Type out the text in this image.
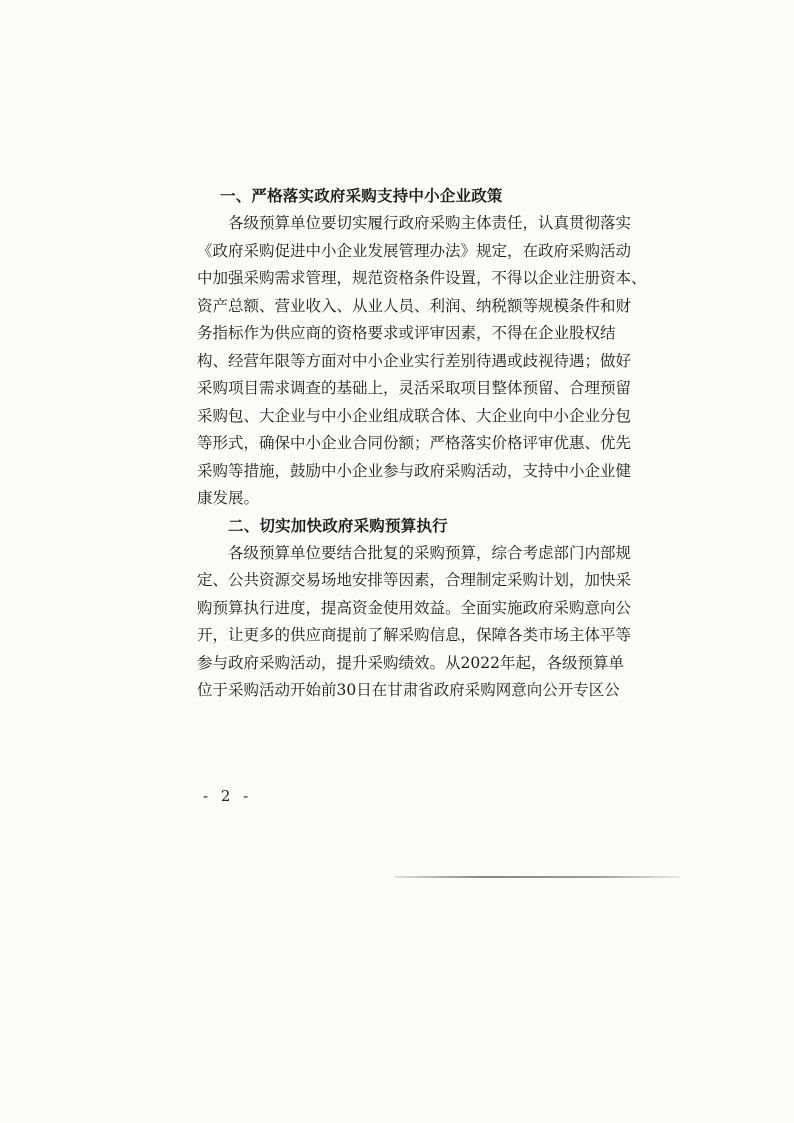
一、严格落实政府采购支持中小企业政策
各级预算单位要切实履行政府采购主体责任，认真贯彻落实
《政府采购促进中小企业发展管理办法》规定，在政府采购活动
中加强采购需求管理，规范资格条件设置，不得以企业注册资本、
资产总额、营业收入、从业人员、利润、纳税额等规模条件和财
务指标作为供应商的资格要求或评审因素，不得在企业股权结
构、经营年限等方面对中小企业实行差别待遇或歧视待遇；做好
采购项目需求调查的基础上，灵活采取项目整体预留、合理预留
采购包、大企业与中小企业组成联合体、大企业向中小企业分包
等形式，确保中小企业合同份额；严格落实价格评审优惠、优先
采购等措施，鼓励中小企业参与政府采购活动，支持中小企业健
康发展。
二、切实加快政府采购预算执行
各级预算单位要结合批复的采购预算，综合考虑部门内部规
定、公共资源交易场地安排等因素，合理制定采购计划，加快采
购预算执行进度，提高资金使用效益。全面实施政府采购意向公
开，让更多的供应商提前了解采购信息，保障各类市场主体平等
参与政府采购活动，提升采购绩效。从2022年起，各级预算单
位于采购活动开始前30日在甘肃省政府采购网意向公开专区公
- 2 -
